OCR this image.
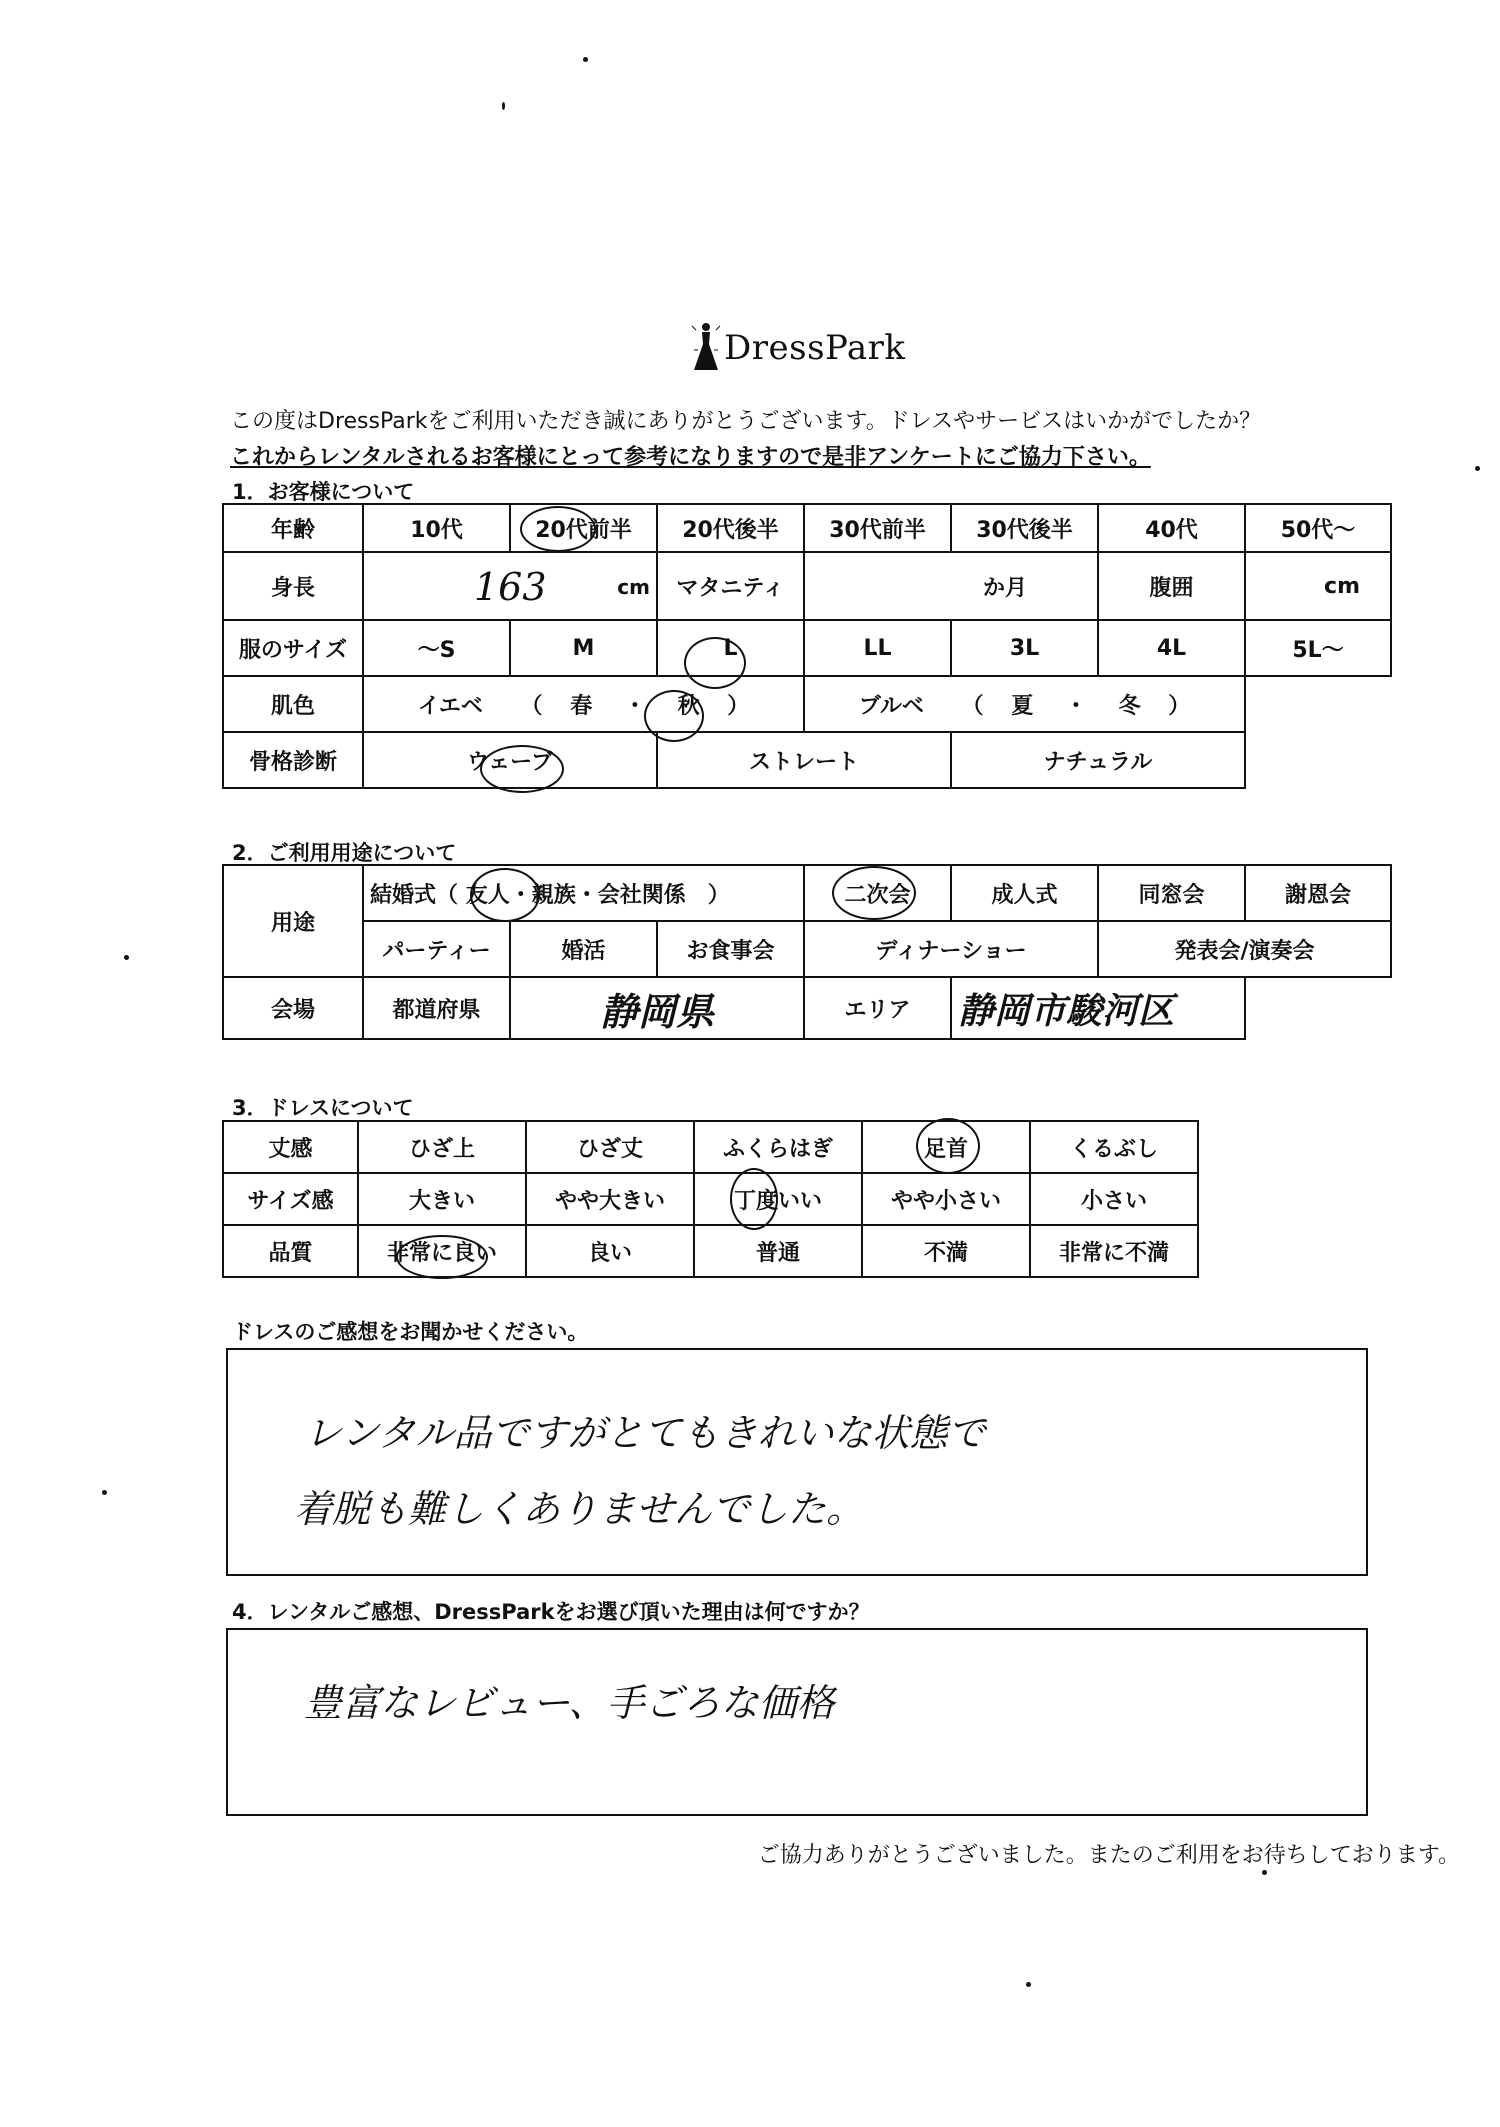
DressPark
この度はDressParkをご利用いただき誠にありがとうございます。ドレスやサービスはいかがでしたか？
これからレンタルされるお客様にとって参考になりますので是非アンケートにご協力下さい。
1．お客様について
年齢	10代	20代前半	20代後半	30代前半	30代後半	40代	50代～
身長	163 cm		マタニティ	か月		腹囲	cm
服のサイズ	～S	M	L	LL	3L	4L	5L～
肌色	イエベ （ 春 ・ 秋 ）			ブルベ （ 夏 ・ 冬 ）			
骨格診断	ウェーブ		ストレート		ナチュラル		
2．ご利用用途について
用途	結婚式（ 友人・親族・会社関係　）			二次会	成人式	同窓会	謝恩会
	パーティー	婚活	お食事会	ディナーショー		発表会/演奏会	
会場	都道府県	静岡県		エリア	静岡市駿河区		
3．ドレスについて
丈感	ひざ上	ひざ丈	ふくらはぎ	足首	くるぶし
サイズ感	大きい	やや大きい	丁度いい	やや小さい	小さい
品質	非常に良い	良い	普通	不満	非常に不満
ドレスのご感想をお聞かせください。
レンタル品ですがとてもきれいな状態で
着脱も難しくありませんでした。
4．レンタルご感想、DressParkをお選び頂いた理由は何ですか？
豊富なレビュー、手ごろな価格
ご協力ありがとうございました。またのご利用をお待ちしております。
